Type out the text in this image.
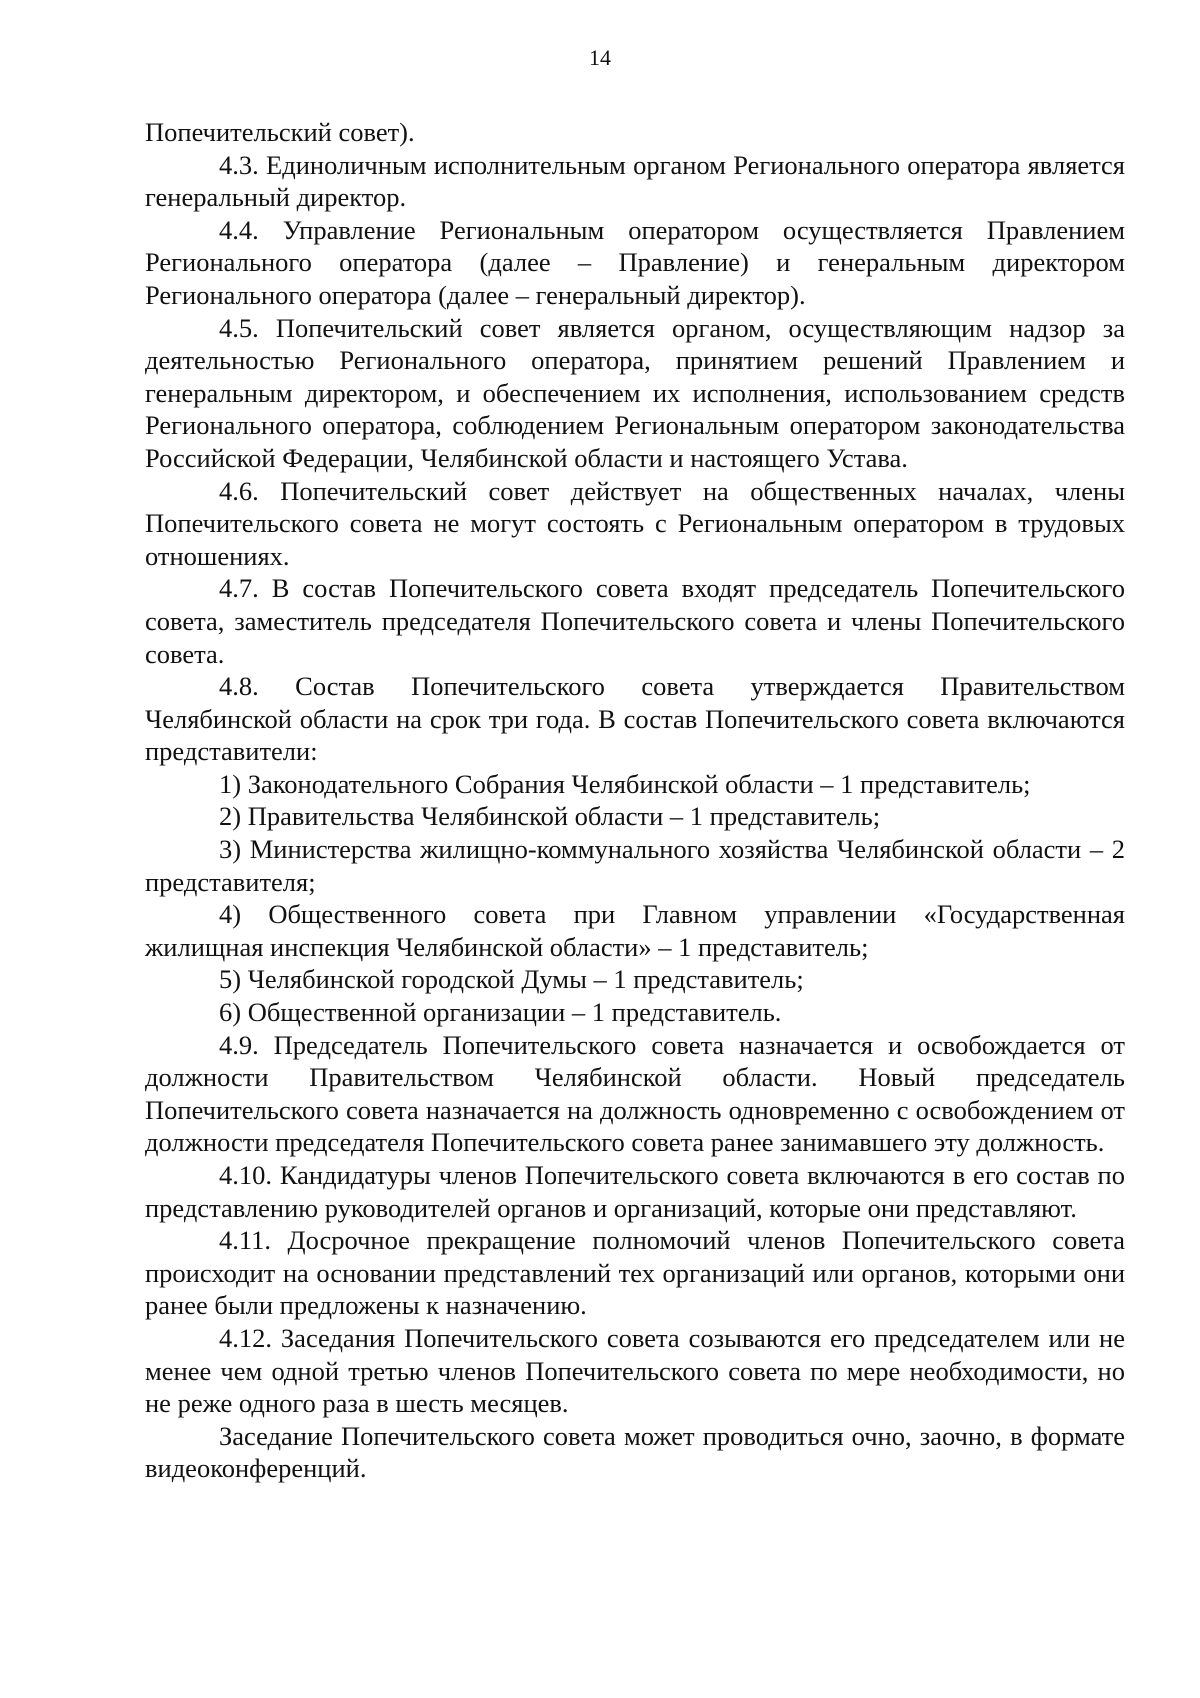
14

Попечительский совет).

4.3. Единоличным исполнительным органом Регионального оператора является генеральный директор.

4.4. Управление Региональным оператором осуществляется Правлением Регионального оператора (далее – Правление) и генеральным директором Регионального оператора (далее – генеральный директор).

4.5. Попечительский совет является органом, осуществляющим надзор за деятельностью Регионального оператора, принятием решений Правлением и генеральным директором, и обеспечением их исполнения, использованием средств Регионального оператора, соблюдением Региональным оператором законодательства Российской Федерации, Челябинской области и настоящего Устава.

4.6. Попечительский совет действует на общественных началах, члены Попечительского совета не могут состоять с Региональным оператором в трудовых отношениях.

4.7. В состав Попечительского совета входят председатель Попечительского совета, заместитель председателя Попечительского совета и члены Попечительского совета.

4.8. Состав Попечительского совета утверждается Правительством Челябинской области на срок три года. В состав Попечительского совета включаются представители:

1) Законодательного Собрания Челябинской области – 1 представитель;

2) Правительства Челябинской области – 1 представитель;

3) Министерства жилищно-коммунального хозяйства Челябинской области – 2 представителя;

4) Общественного совета при Главном управлении «Государственная жилищная инспекция Челябинской области» – 1 представитель;

5) Челябинской городской Думы – 1 представитель;

6) Общественной организации – 1 представитель.

4.9. Председатель Попечительского совета назначается и освобождается от должности Правительством Челябинской области. Новый председатель Попечительского совета назначается на должность одновременно с освобождением от должности председателя Попечительского совета ранее занимавшего эту должность.

4.10. Кандидатуры членов Попечительского совета включаются в его состав по представлению руководителей органов и организаций, которые они представляют.

4.11. Досрочное прекращение полномочий членов Попечительского совета происходит на основании представлений тех организаций или органов, которыми они ранее были предложены к назначению.

4.12. Заседания Попечительского совета созываются его председателем или не менее чем одной третью членов Попечительского совета по мере необходимости, но не реже одного раза в шесть месяцев.

Заседание Попечительского совета может проводиться очно, заочно, в формате видеоконференций.
